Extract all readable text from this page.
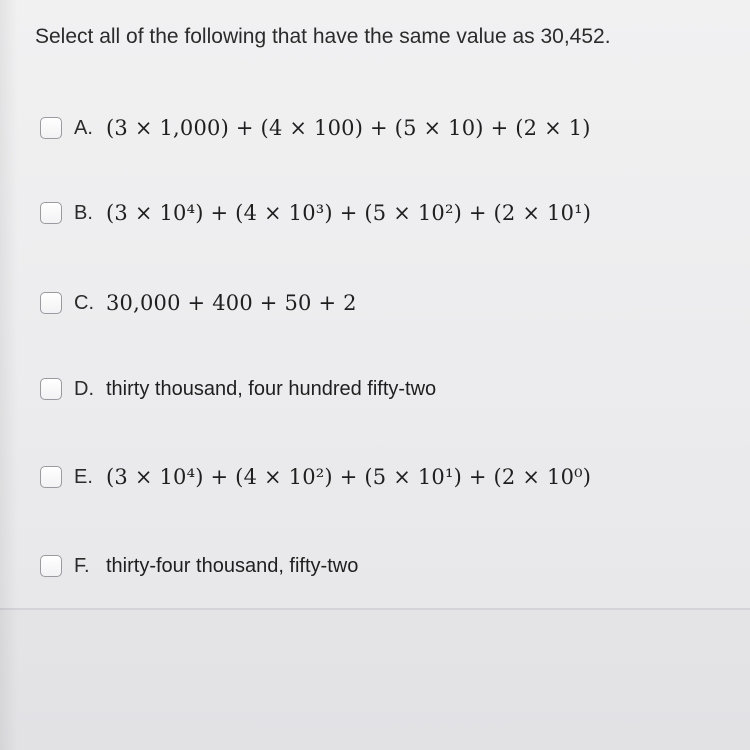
Select all of the following that have the same value as 30,452.

A. (3 × 1,000) + (4 × 100) + (5 × 10) + (2 × 1)
B. (3 × 10⁴) + (4 × 10³) + (5 × 10²) + (2 × 10¹)
C. 30,000 + 400 + 50 + 2
D. thirty thousand, four hundred fifty-two
E. (3 × 10⁴) + (4 × 10²) + (5 × 10¹) + (2 × 10⁰)
F. thirty-four thousand, fifty-two
